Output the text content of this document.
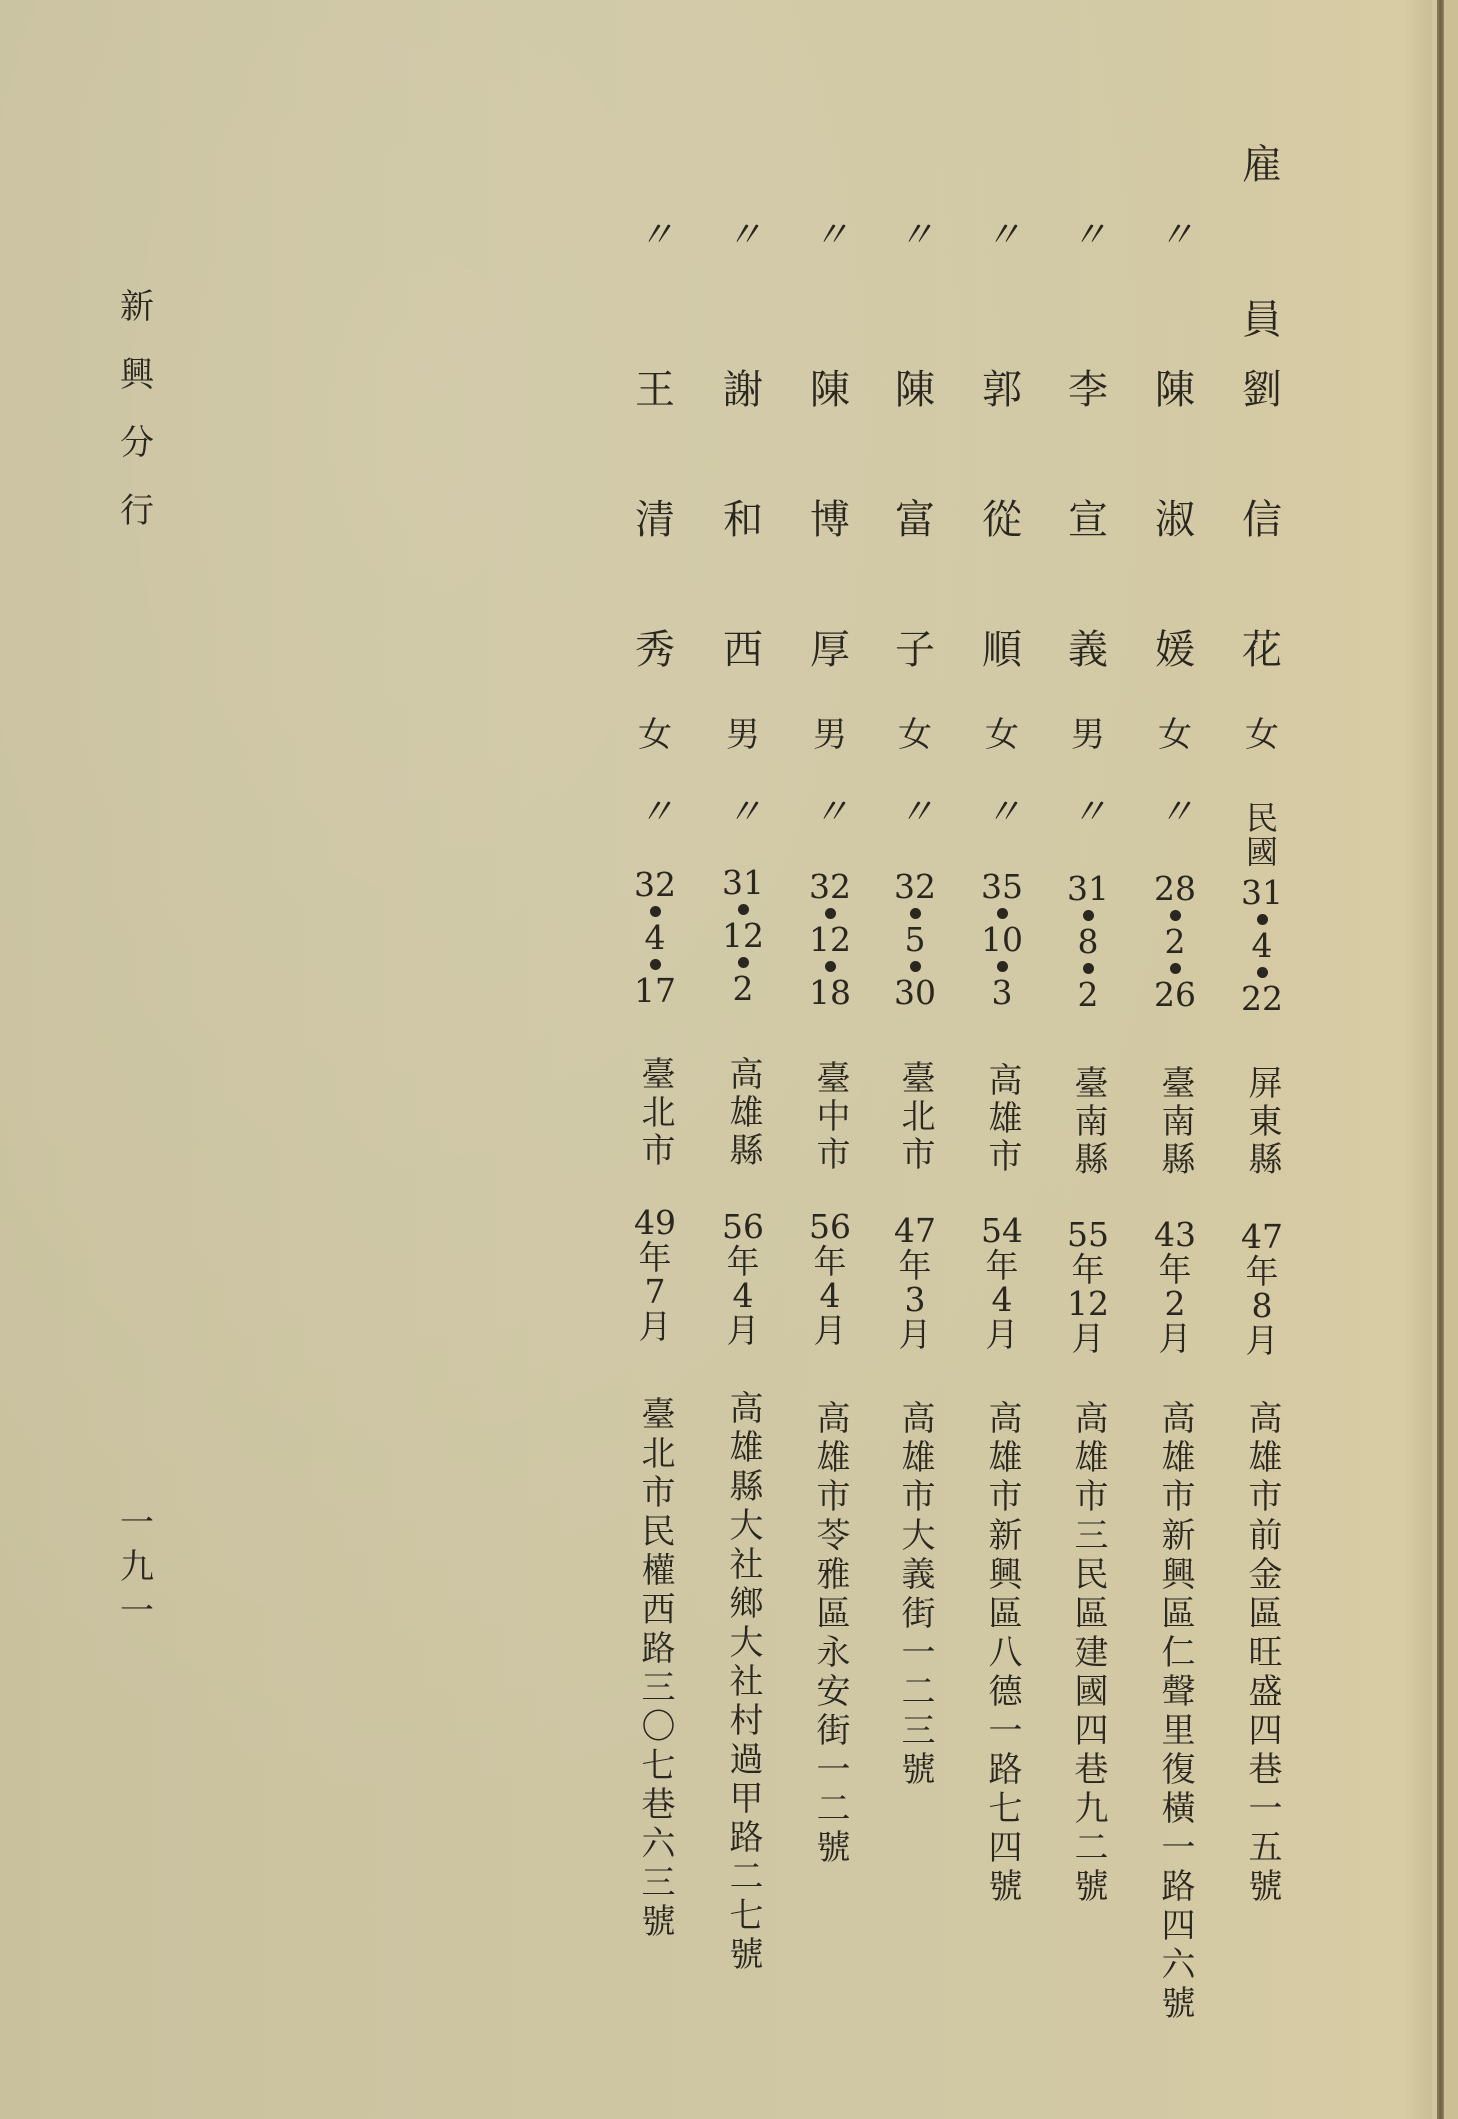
新
興
分
行
一
九
一
雇
員
民
國
劉
信
花
女
31
4
22
屏東縣
47
年
8
月
高雄市前金區旺盛四巷一五號
〃
陳
淑
媛
女
〃
28
2
26
臺南縣
43
年
2
月
高雄市新興區仁聲里復橫一路四六號
〃
李
宣
義
男
〃
31
8
2
臺南縣
55
年
12
月
高雄市三民區建國四巷九二號
〃
郭
從
順
女
〃
35
10
3
高雄市
54
年
4
月
高雄市新興區八德一路七四號
〃
陳
富
子
女
〃
32
5
30
臺北市
47
年
3
月
高雄市大義街一二三號
〃
陳
博
厚
男
〃
32
12
18
臺中市
56
年
4
月
高雄市苓雅區永安街一二號
〃
謝
和
西
男
〃
31
12
2
高雄縣
56
年
4
月
高雄縣大社鄉大社村過甲路二七號
〃
王
清
秀
女
〃
32
4
17
臺北市
49
年
7
月
臺北市民權西路三〇七巷六三號
